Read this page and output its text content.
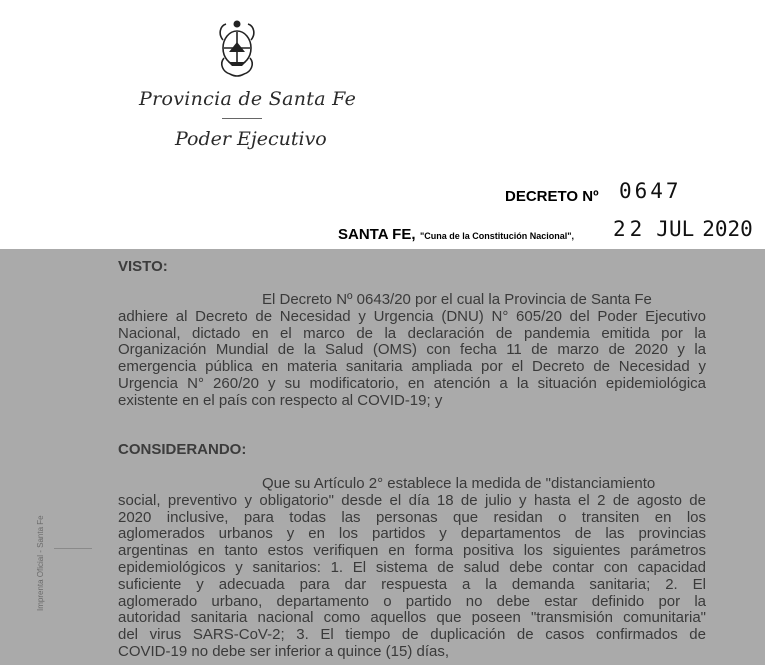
Provincia de Santa Fe
Poder Ejecutivo
DECRETO Nº 0647
SANTA FE, "Cuna de la Constitución Nacional", 22 JUL 2020
VISTO:
El Decreto Nº 0643/20 por el cual la Provincia de Santa Fe
adhiere al Decreto de Necesidad y Urgencia (DNU) N° 605/20 del Poder Ejecutivo
Nacional, dictado en el marco de la declaración de pandemia emitida por la
Organización Mundial de la Salud (OMS) con fecha 11 de marzo de 2020 y la
emergencia pública en materia sanitaria ampliada por el Decreto de Necesidad y
Urgencia N° 260/20 y su modificatorio, en atención a la situación epidemiológica
existente en el país con respecto al COVID-19; y
CONSIDERANDO:
Que su Artículo 2° establece la medida de "distanciamiento
social, preventivo y obligatorio" desde el día 18 de julio y hasta el 2 de agosto de
2020 inclusive, para todas las personas que residan o transiten en los
aglomerados urbanos y en los partidos y departamentos de las provincias
argentinas en tanto estos verifiquen en forma positiva los siguientes parámetros
epidemiológicos y sanitarios: 1. El sistema de salud debe contar con capacidad
suficiente y adecuada para dar respuesta a la demanda sanitaria; 2. El
aglomerado urbano, departamento o partido no debe estar definido por la
autoridad sanitaria nacional como aquellos que poseen "transmisión comunitaria"
del virus SARS-CoV-2; 3. El tiempo de duplicación de casos confirmados de
COVID-19 no debe ser inferior a quince (15) días,
Imprenta Oficial - Santa Fe
